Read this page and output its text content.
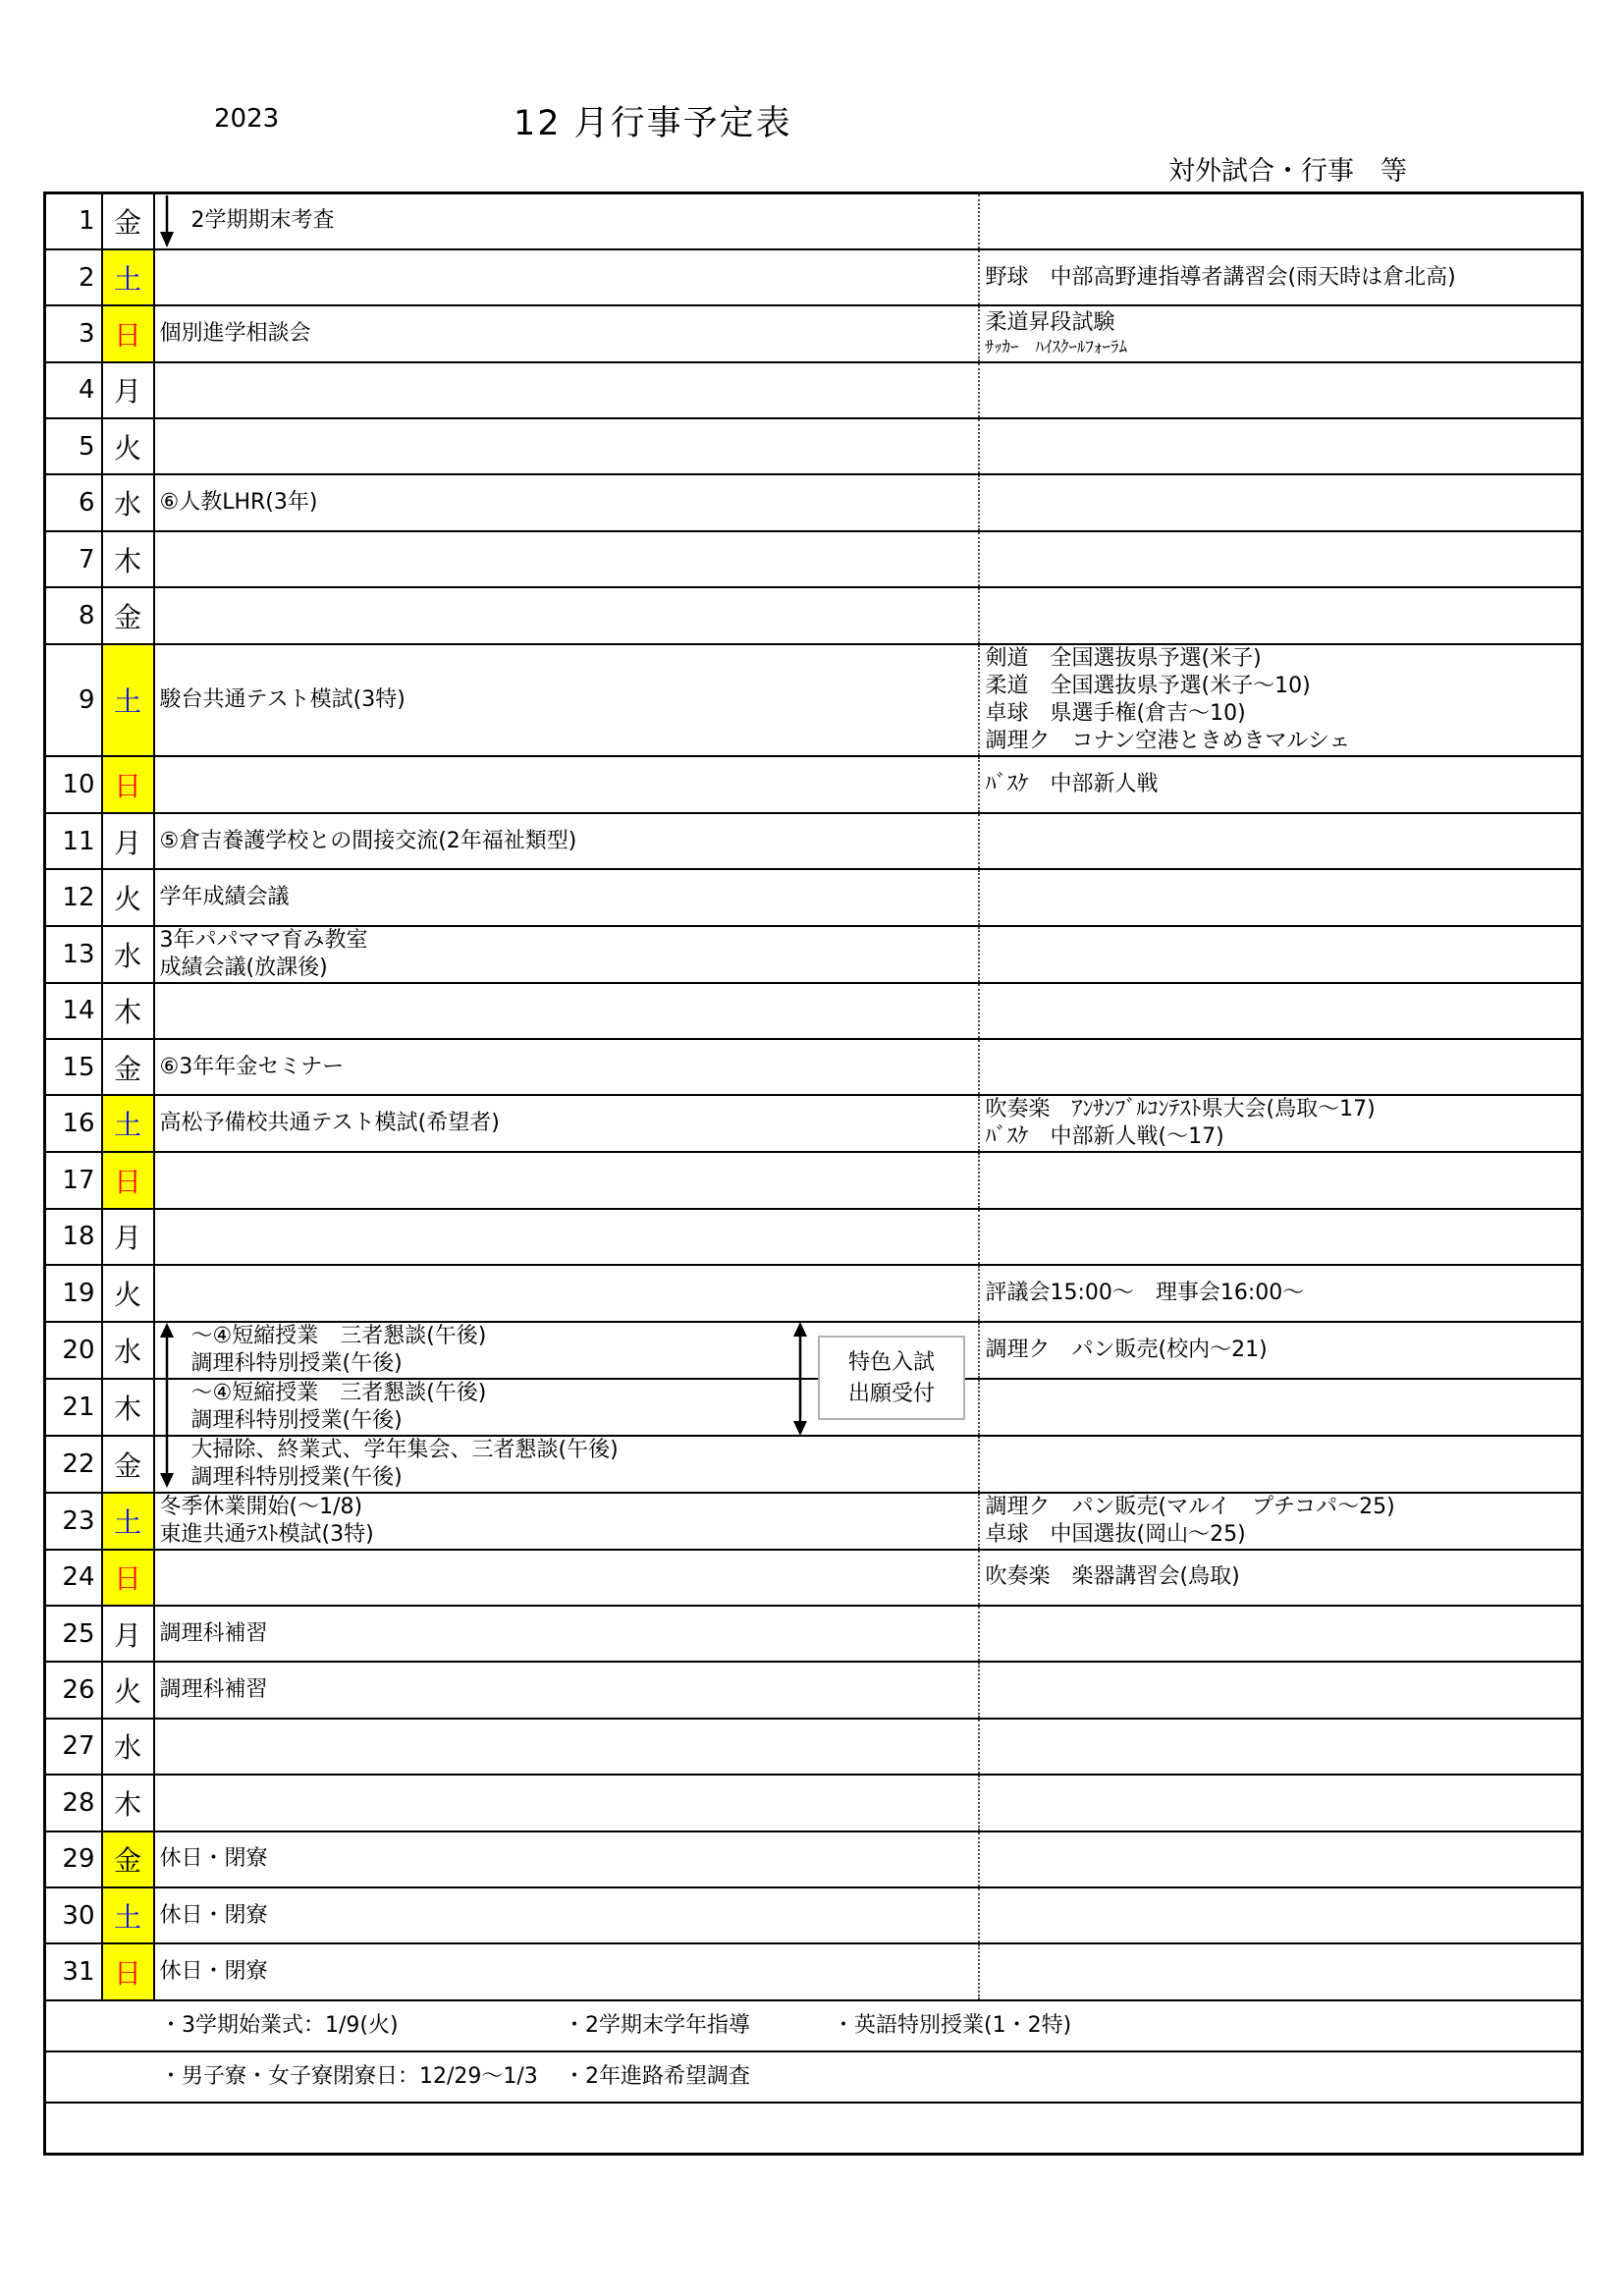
2023	12 月行事予定表
対外試合・行事　等
1	金	2学期期末考査	

2	土		野球　中部高野連指導者講習会(雨天時は倉北高)

3	日	個別進学相談会	柔道昇段試験
ｻｯｶｰ　ﾊｲｽｸｰﾙﾌｫｰﾗﾑ

4	月		
5	火		
6	水	⑥人教LHR(3年)	

7	木		
8	金		
9	土	駿台共通テスト模試(3特)	剣道　全国選抜県予選(米子)
柔道　全国選抜県予選(米子～10)
卓球　県選手権(倉吉～10)
調理ク　コナン空港ときめきマルシェ

10	日		ﾊﾞｽｹ　中部新人戦

11	月	⑤倉吉養護学校との間接交流(2年福祉類型)	

12	火	学年成績会議	

13	水	3年パパママ育み教室
成績会議(放課後)	

14	木		
15	金	⑥3年年金セミナー	

16	土	高松予備校共通テスト模試(希望者)	吹奏楽　ｱﾝｻﾝﾌﾞﾙｺﾝﾃｽﾄ県大会(鳥取～17)
ﾊﾞｽｹ　中部新人戦(～17)

17	日		
18	月		
19	火		評議会15:00～　理事会16:00～

20	水	～④短縮授業　三者懇談(午後)
調理科特別授業(午後)	調理ク　パン販売(校内～21)

21	木	～④短縮授業　三者懇談(午後)
調理科特別授業(午後)	

22	金	大掃除、終業式、学年集会、三者懇談(午後)
調理科特別授業(午後)	

23	土	冬季休業開始(～1/8)
東進共通ﾃｽﾄ模試(3特)	調理ク　パン販売(マルイ　プチコパ～25)
卓球　中国選抜(岡山～25)

24	日		吹奏楽　楽器講習会(鳥取)

25	月	調理科補習	

26	火	調理科補習	

27	水		
28	木		
29	金	休日・閉寮	

30	土	休日・閉寮	

31	日	休日・閉寮	

・3学期始業式：1/9(火) ・2学期末学年指導 ・英語特別授業(1・2特)			

・男子寮・女子寮閉寮日：12/29～1/3 ・2年進路希望調査			

特色入試
出願受付
